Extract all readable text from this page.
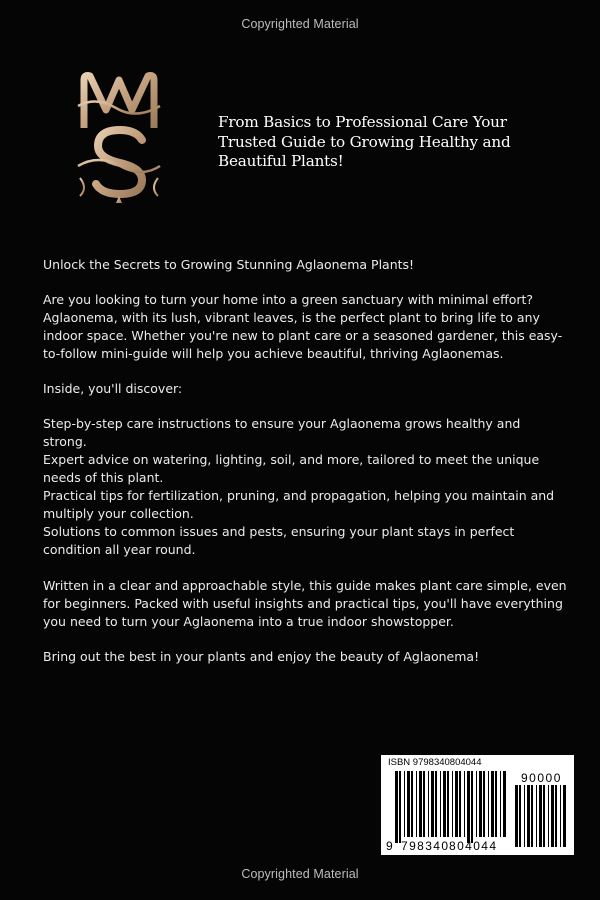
Copyrighted Material
From Basics to Professional Care Your Trusted Guide to Growing Healthy and Beautiful Plants!

Unlock the Secrets to Growing Stunning Aglaonema Plants!

Are you looking to turn your home into a green sanctuary with minimal effort? Aglaonema, with its lush, vibrant leaves, is the perfect plant to bring life to any indoor space. Whether you're new to plant care or a seasoned gardener, this easy-to-follow mini-guide will help you achieve beautiful, thriving Aglaonemas.

Inside, you'll discover:

Step-by-step care instructions to ensure your Aglaonema grows healthy and strong.

Expert advice on watering, lighting, soil, and more, tailored to meet the unique needs of this plant.

Practical tips for fertilization, pruning, and propagation, helping you maintain and multiply your collection.

Solutions to common issues and pests, ensuring your plant stays in perfect condition all year round.

Written in a clear and approachable style, this guide makes plant care simple, even for beginners. Packed with useful insights and practical tips, you'll have everything you need to turn your Aglaonema into a true indoor showstopper.

Bring out the best in your plants and enjoy the beauty of Aglaonema!

ISBN 9798340804044
90000
9 798340 804044
Copyrighted Material
